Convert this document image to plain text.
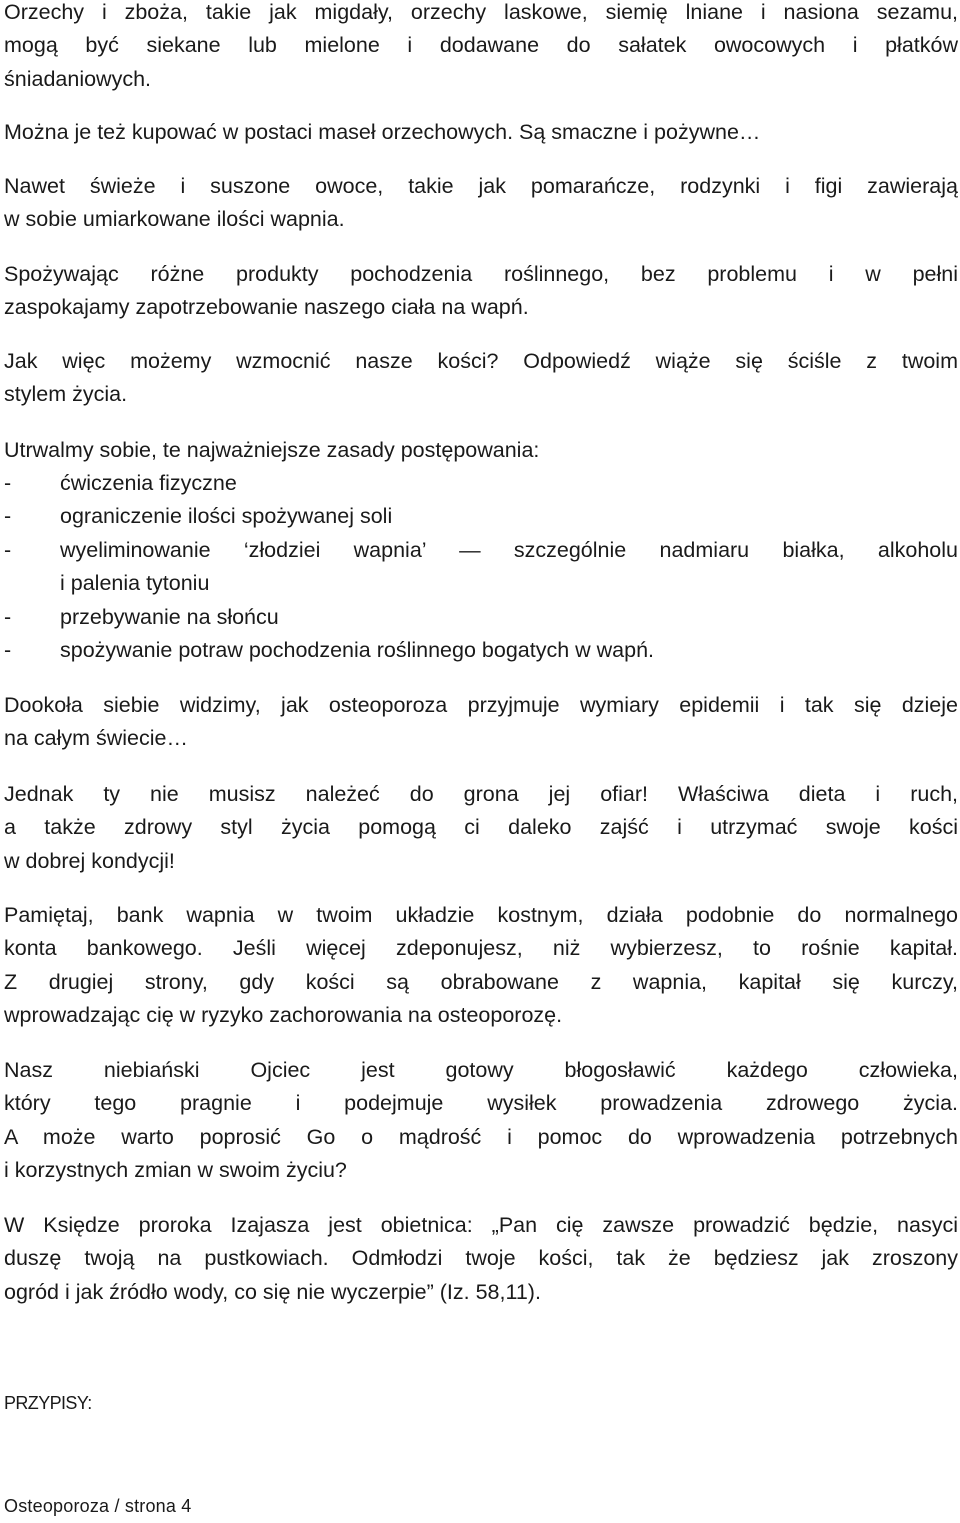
Orzechy i zboża, takie jak migdały, orzechy laskowe, siemię lniane i nasiona sezamu,
mogą być siekane lub mielone i dodawane do sałatek owocowych i płatków
śniadaniowych.

Można je też kupować w postaci maseł orzechowych. Są smaczne i pożywne…

Nawet świeże i suszone owoce, takie jak pomarańcze, rodzynki i figi zawierają
w sobie umiarkowane ilości wapnia.

Spożywając różne produkty pochodzenia roślinnego, bez problemu i w pełni
zaspokajamy zapotrzebowanie naszego ciała na wapń.

Jak więc możemy wzmocnić nasze kości? Odpowiedź wiąże się ściśle z twoim
stylem życia.

Utrwalmy sobie, te najważniejsze zasady postępowania:

- ćwiczenia fizyczne
- ograniczenie ilości spożywanej soli
- wyeliminowanie ‘złodziei wapnia’ — szczególnie nadmiaru białka, alkoholu
i palenia tytoniu
- przebywanie na słońcu
- spożywanie potraw pochodzenia roślinnego bogatych w wapń.

Dookoła siebie widzimy, jak osteoporoza przyjmuje wymiary epidemii i tak się dzieje
na całym świecie…

Jednak ty nie musisz należeć do grona jej ofiar! Właściwa dieta i ruch,
a także zdrowy styl życia pomogą ci daleko zajść i utrzymać swoje kości
w dobrej kondycji!

Pamiętaj, bank wapnia w twoim układzie kostnym, działa podobnie do normalnego
konta bankowego. Jeśli więcej zdeponujesz, niż wybierzesz, to rośnie kapitał.
Z drugiej strony, gdy kości są obrabowane z wapnia, kapitał się kurczy,
wprowadzając cię w ryzyko zachorowania na osteoporozę.

Nasz niebiański Ojciec jest gotowy błogosławić każdego człowieka,
który tego pragnie i podejmuje wysiłek prowadzenia zdrowego życia.
A może warto poprosić Go o mądrość i pomoc do wprowadzenia potrzebnych
i korzystnych zmian w swoim życiu?

W Księdze proroka Izajasza jest obietnica: „Pan cię zawsze prowadzić będzie, nasyci
duszę twoją na pustkowiach. Odmłodzi twoje kości, tak że będziesz jak zroszony
ogród i jak źródło wody, co się nie wyczerpie” (Iz. 58,11).

PRZYPISY:
Osteoporoza / strona 4
